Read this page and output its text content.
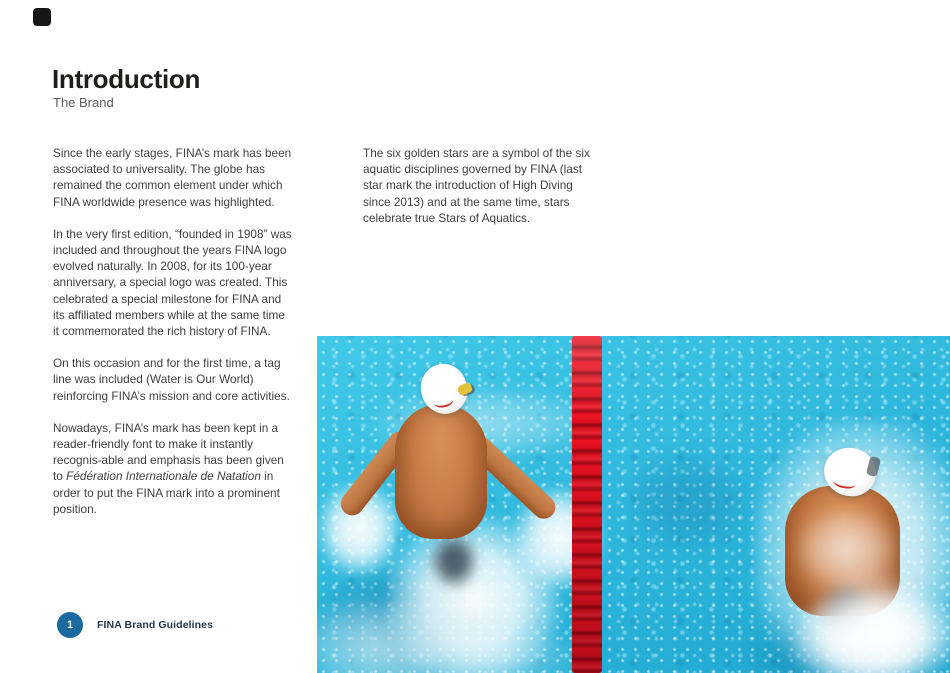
Introduction
The Brand

Since the early stages, FINA’s mark has been associated to universality. The globe has remained the common element under which FINA worldwide presence was highlighted.

In the very first edition, “founded in 1908” was included and throughout the years FINA logo evolved naturally. In 2008, for its 100-year anniversary, a special logo was created. This celebrated a special milestone for FINA and its affiliated members while at the same time it commemorated the rich history of FINA.

On this occasion and for the first time, a tag line was included (Water is Our World) reinforcing FINA’s mission and core activities.

Nowadays, FINA’s mark has been kept in a reader-friendly font to make it instantly recognis-able and emphasis has been given to Fédération Internationale de Natation in order to put the FINA mark into a prominent position.

The six golden stars are a symbol of the six aquatic disciplines governed by FINA (last star mark the introduction of High Diving since 2013) and at the same time, stars celebrate true Stars of Aquatics.

1 FINA Brand Guidelines
